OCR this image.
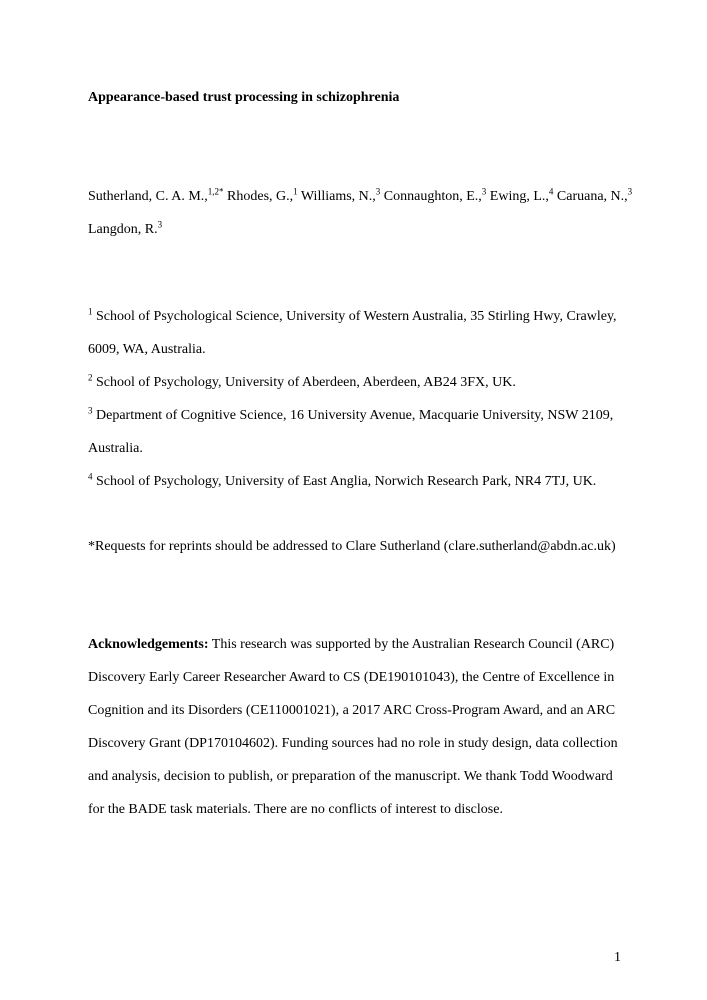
Appearance-based trust processing in schizophrenia

Sutherland, C. A. M.,$^{1,2*}$ Rhodes, G.,$^1$ Williams, N.,$^3$ Connaughton, E.,$^3$ Ewing, L.,$^4$ Caruana, N.,$^3$ Langdon, R.$^3$

$^1$ School of Psychological Science, University of Western Australia, 35 Stirling Hwy, Crawley, 6009, WA, Australia.
$^2$ School of Psychology, University of Aberdeen, Aberdeen, AB24 3FX, UK.
$^3$ Department of Cognitive Science, 16 University Avenue, Macquarie University, NSW 2109, Australia.
$^4$ School of Psychology, University of East Anglia, Norwich Research Park, NR4 7TJ, UK.

*Requests for reprints should be addressed to Clare Sutherland (clare.sutherland@abdn.ac.uk)

Acknowledgements: This research was supported by the Australian Research Council (ARC) Discovery Early Career Researcher Award to CS (DE190101043), the Centre of Excellence in Cognition and its Disorders (CE110001021), a 2017 ARC Cross-Program Award, and an ARC Discovery Grant (DP170104602). Funding sources had no role in study design, data collection and analysis, decision to publish, or preparation of the manuscript. We thank Todd Woodward for the BADE task materials. There are no conflicts of interest to disclose.

1
